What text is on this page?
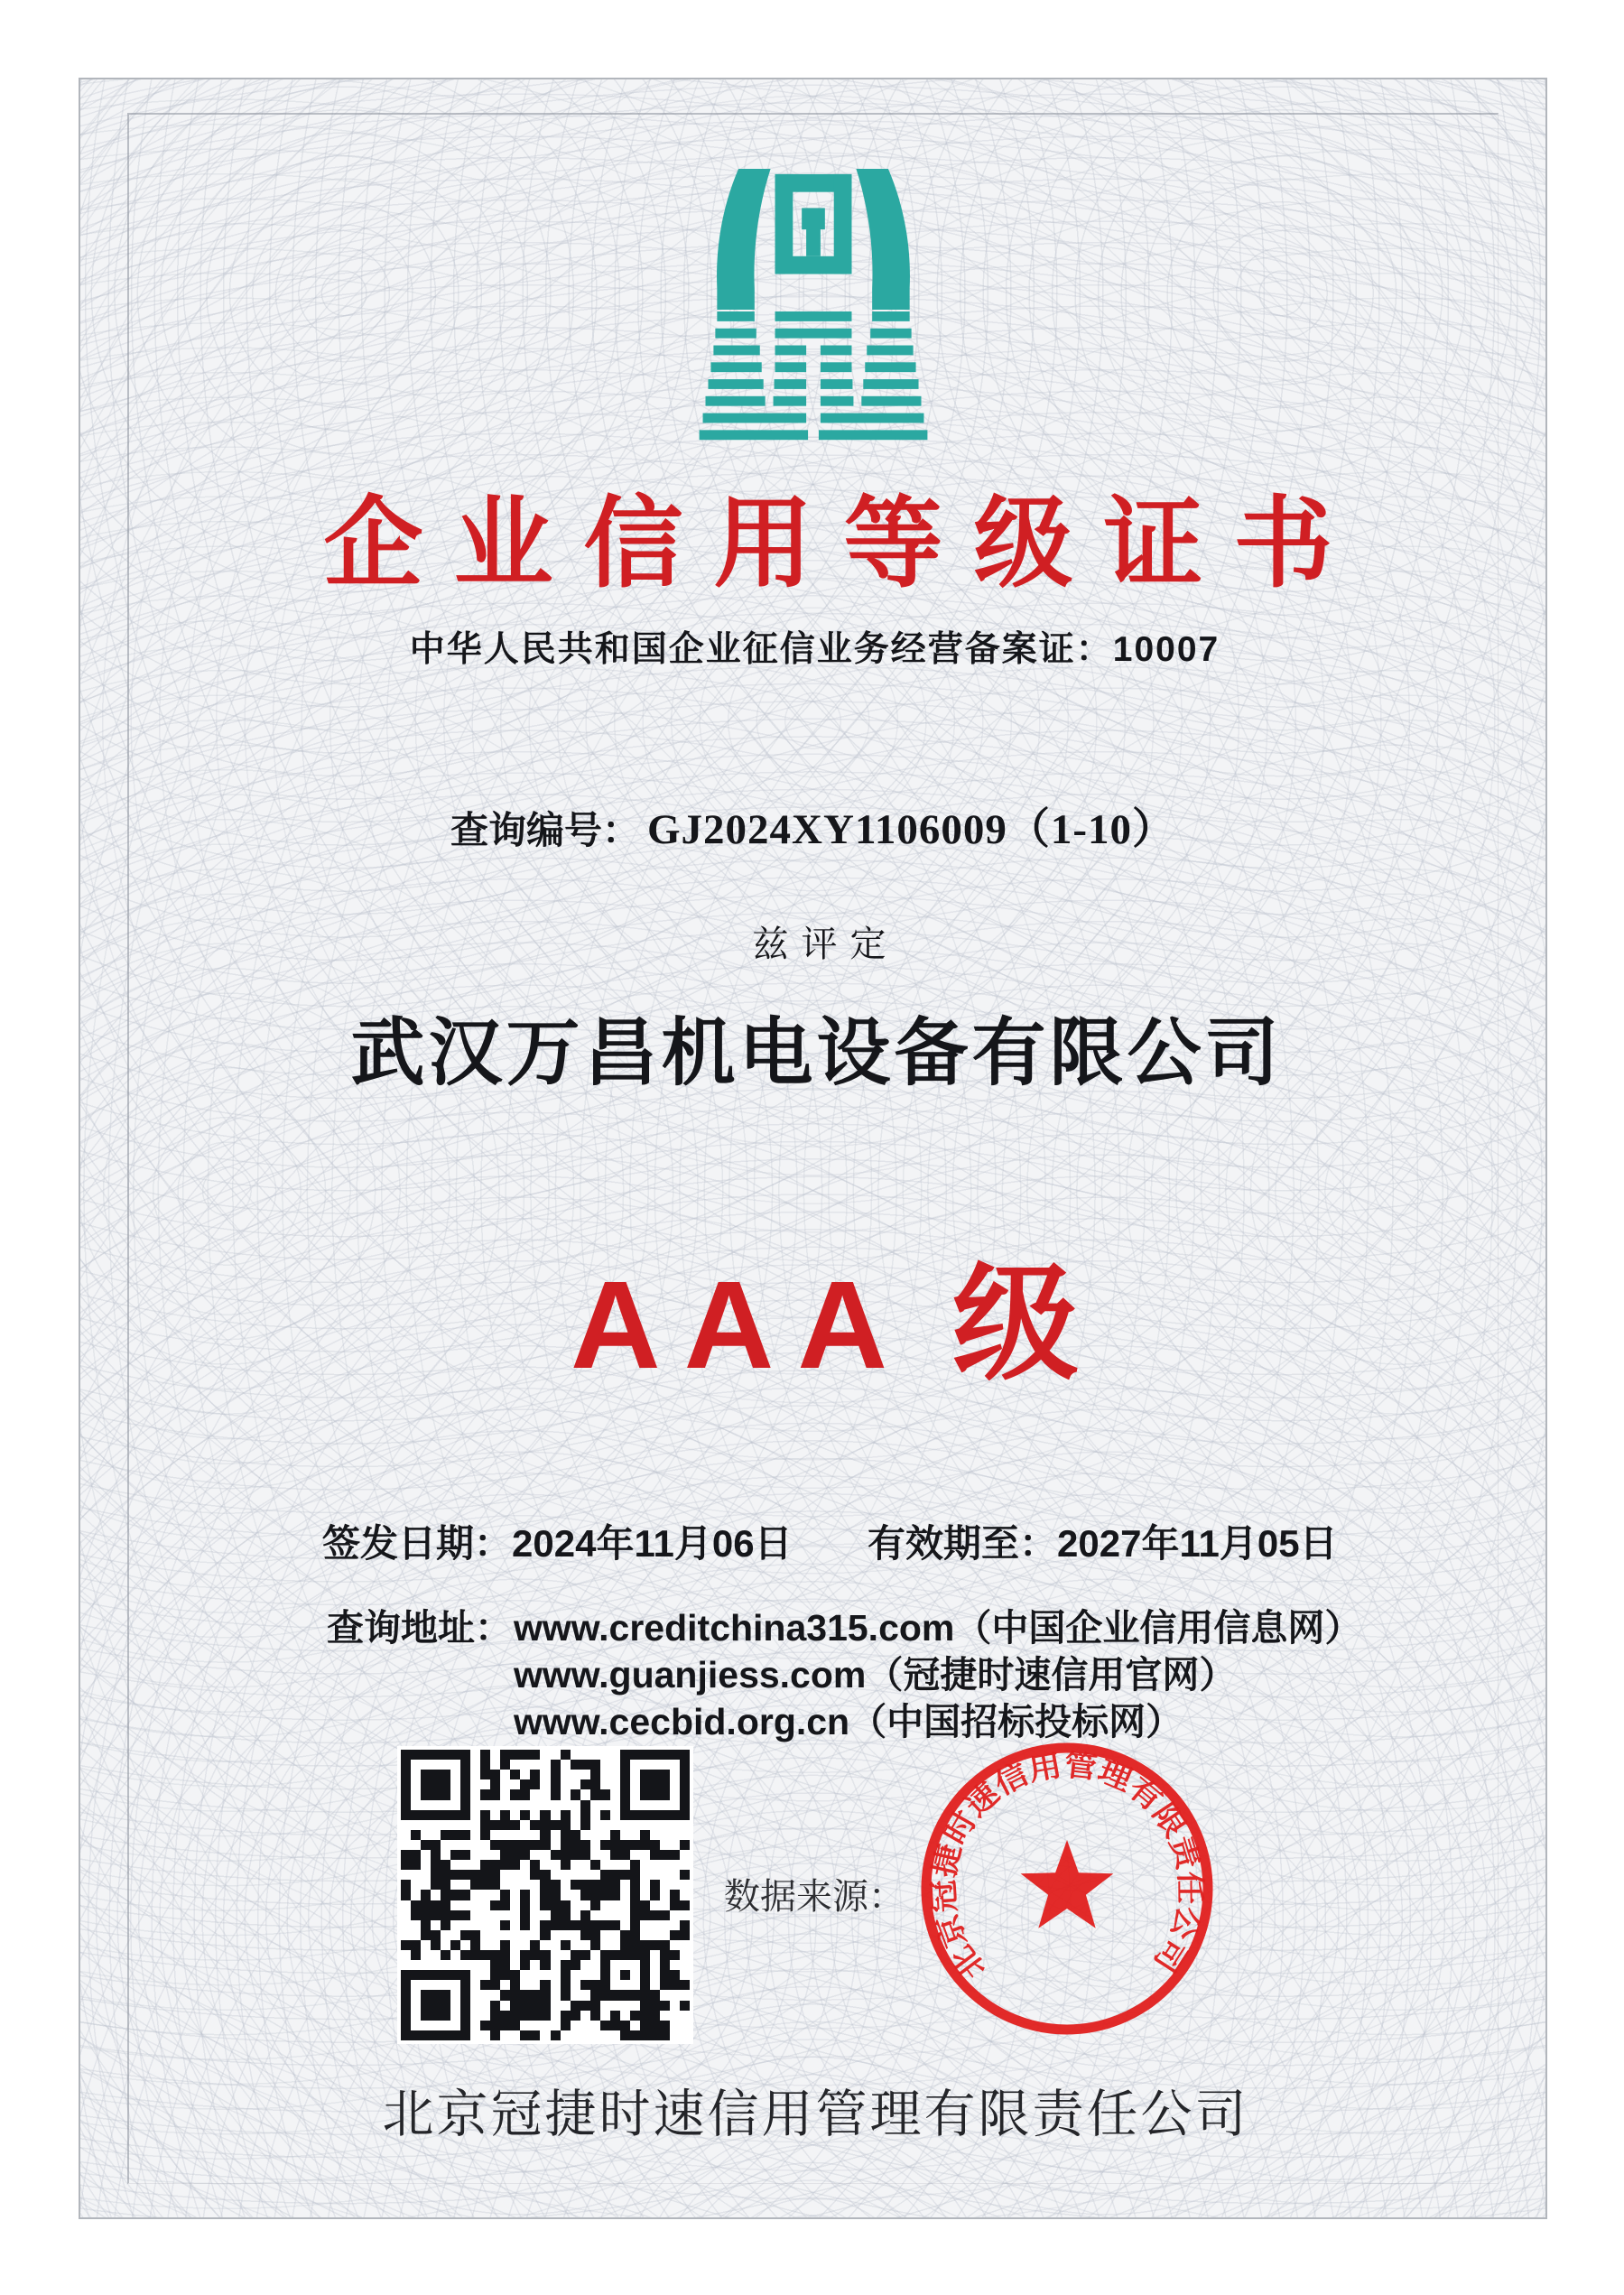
企业信用等级证书
中华人民共和国企业征信业务经营备案证：10007
查询编号： GJ2024XY1106009（1-10）
兹评定
武汉万昌机电设备有限公司
AAA 级
签发日期：2024年11月06日 有效期至：2027年11月05日
查询地址： www.creditchina315.com（中国企业信用信息网）
www.guanjiess.com（冠捷时速信用官网）
www.cecbid.org.cn（中国招标投标网）
数据来源：
北京冠捷时速信用管理有限责任公司
北京冠捷时速信用管理有限责任公司
